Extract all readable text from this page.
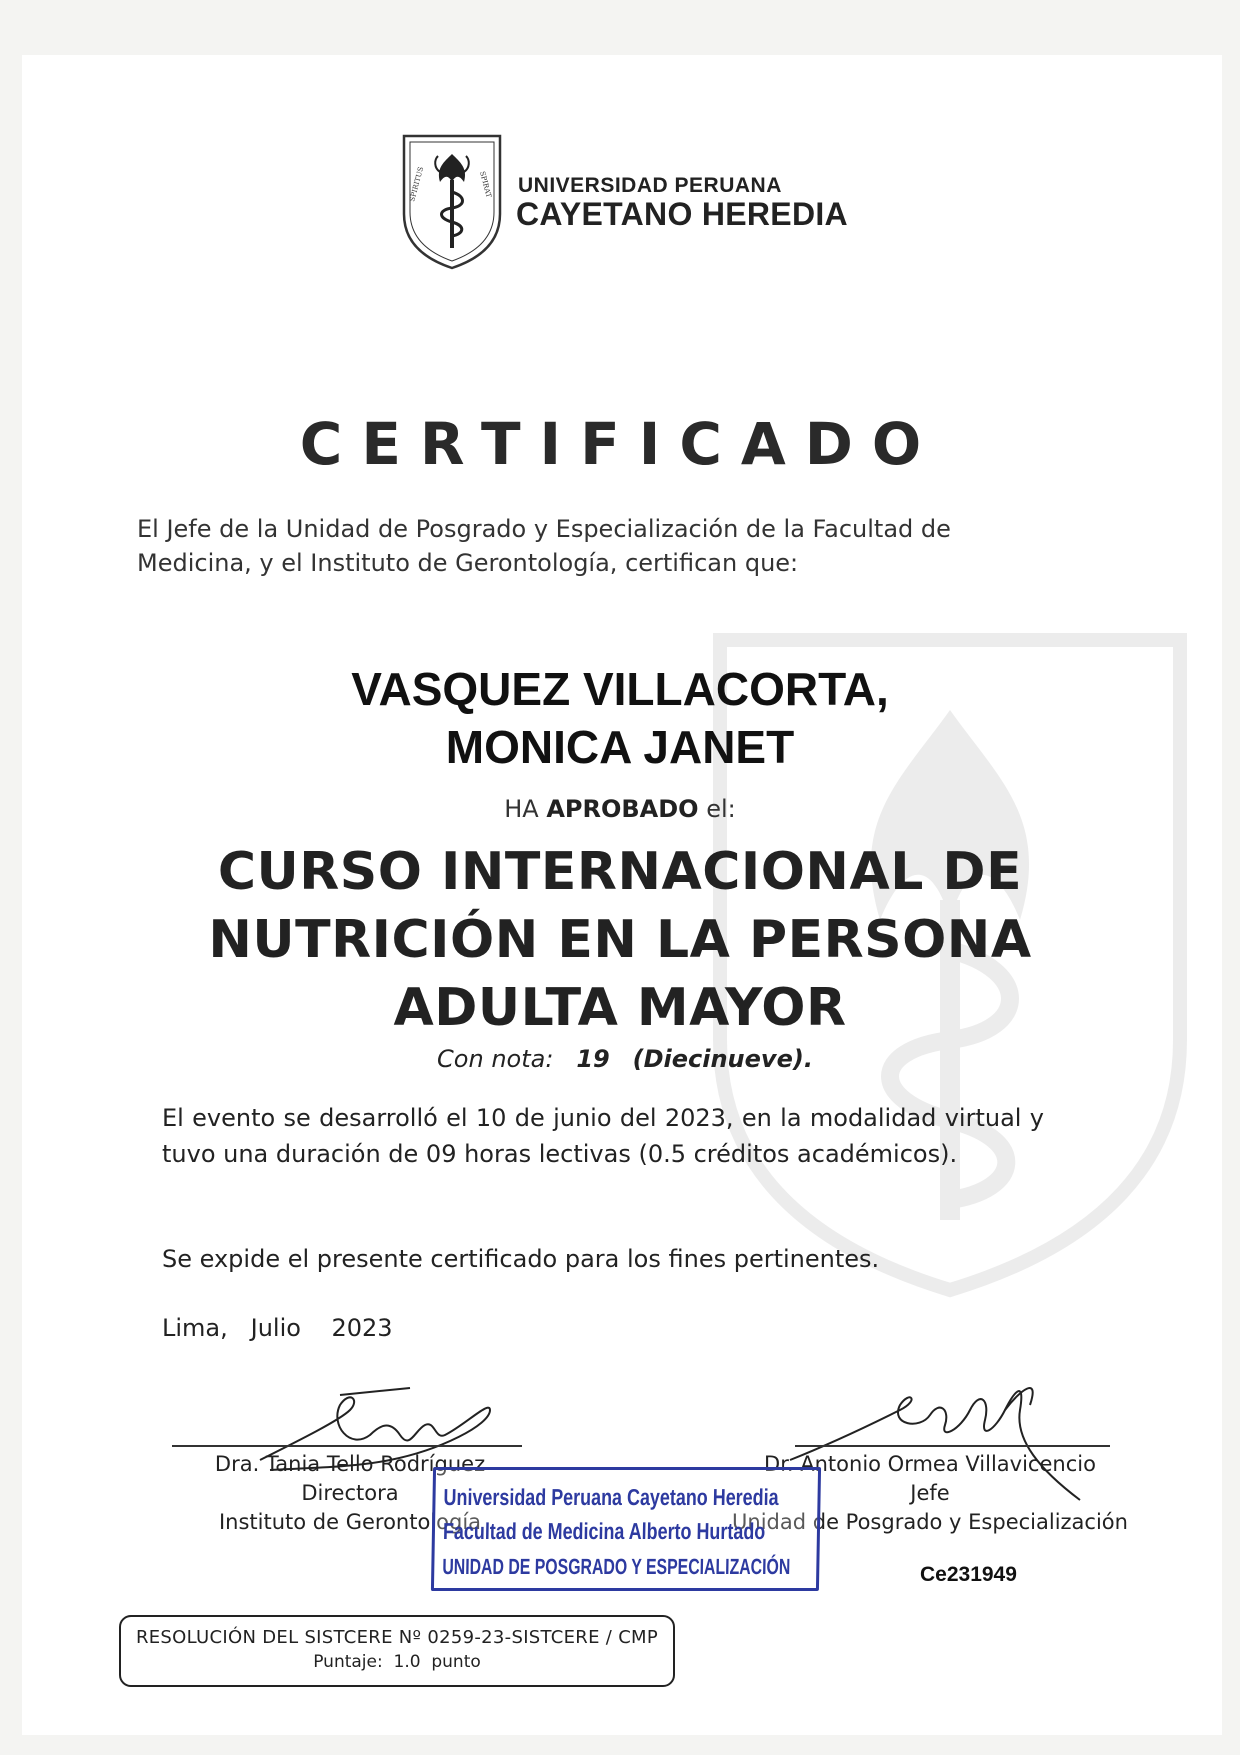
SPIRITUS	SPIRAT UNIVERSIDAD PERUANA
CAYETANO HEREDIA
CERTIFICADO
El Jefe de la Unidad de Posgrado y Especialización de la Facultad de Medicina, y el Instituto de Gerontología, certifican que:
VASQUEZ VILLACORTA,
MONICA JANET
HA APROBADO el:
CURSO INTERNACIONAL DE
NUTRICIÓN EN LA PERSONA
ADULTA MAYOR
Con nota: 19 (Diecinueve).
El evento se desarrolló el 10 de junio del 2023, en la modalidad virtual y tuvo una duración de 09 horas lectivas (0.5 créditos académicos).
Se expide el presente certificado para los fines pertinentes.
Lima,   Julio    2023
Dra. Tania Tello Rodríguez
Directora
Instituto de Gerontología
Dr. Antonio Ormea Villavicencio
Jefe
Unidad de Posgrado y Especialización
Universidad Peruana Cayetano Heredia
Facultad de Medicina Alberto Hurtado
UNIDAD DE POSGRADO Y ESPECIALIZACIÓN	Ce231949
RESOLUCIÓN DEL SISTCERE Nº 0259-23-SISTCERE / CMP
Puntaje:  1.0  punto
